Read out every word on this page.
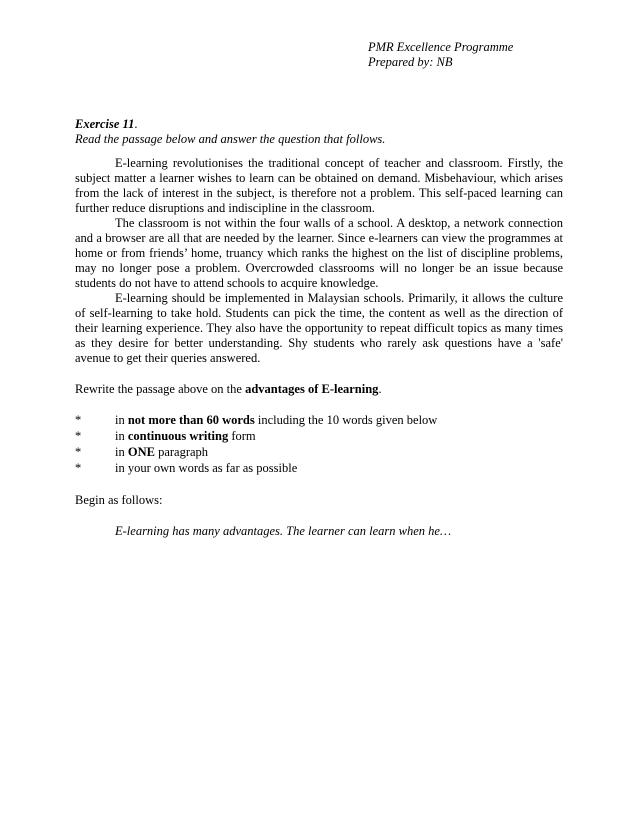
PMR Excellence Programme
Prepared by: NB
Exercise 11.
Read the passage below and answer the question that follows.

E-learning revolutionises the traditional concept of teacher and classroom. Firstly, the subject matter a learner wishes to learn can be obtained on demand. Misbehaviour, which arises from the lack of interest in the subject, is therefore not a problem. This self-paced learning can further reduce disruptions and indiscipline in the classroom.

The classroom is not within the four walls of a school. A desktop, a network connection and a browser are all that are needed by the learner. Since e-learners can view the programmes at home or from friends’ home, truancy which ranks the highest on the list of discipline problems, may no longer pose a problem. Overcrowded classrooms will no longer be an issue because students do not have to attend schools to acquire knowledge.

E-learning should be implemented in Malaysian schools. Primarily, it allows the culture of self-learning to take hold. Students can pick the time, the content as well as the direction of their learning experience. They also have the opportunity to repeat difficult topics as many times as they desire for better understanding. Shy students who rarely ask questions have a 'safe' avenue to get their queries answered.

Rewrite the passage above on the advantages of E-learning.
*	in not more than 60 words including the 10 words given below
*	in continuous writing form
*	in ONE paragraph
*	in your own words as far as possible
Begin as follows:
E-learning has many advantages. The learner can learn when he…
